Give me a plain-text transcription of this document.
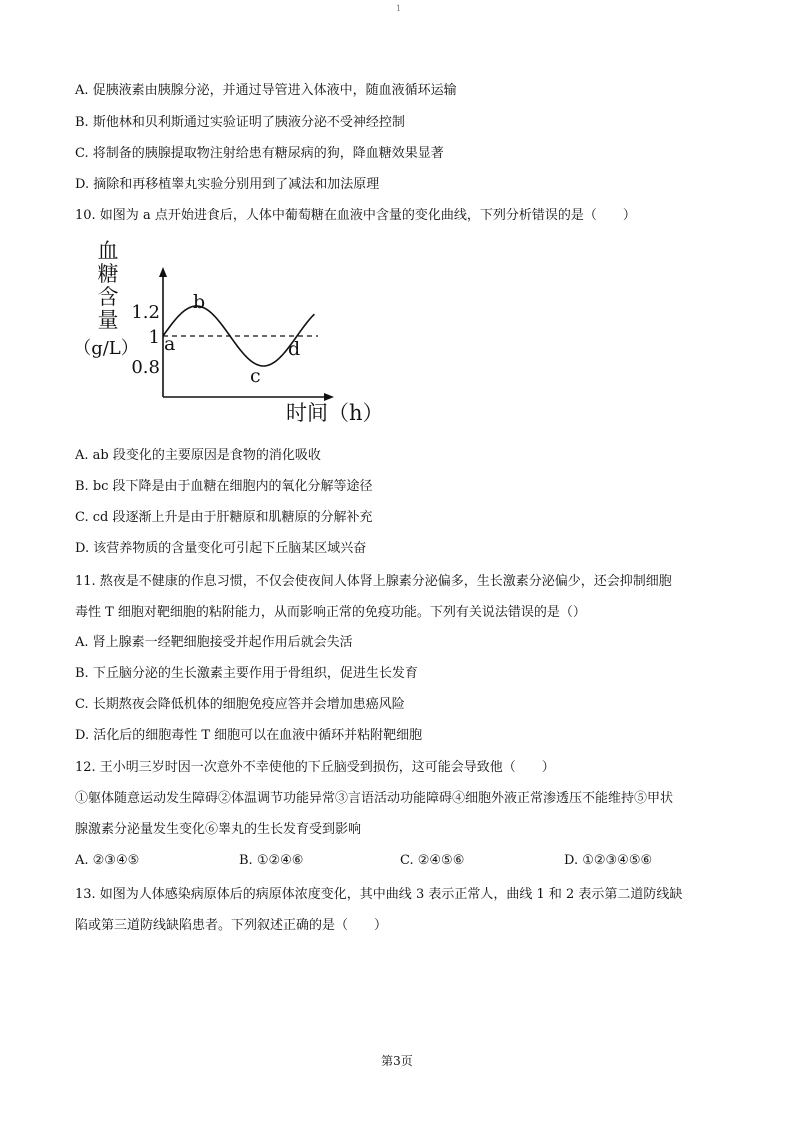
1
A. 促胰液素由胰腺分泌，并通过导管进入体液中，随血液循环运输
B. 斯他林和贝利斯通过实验证明了胰液分泌不受神经控制
C. 将制备的胰腺提取物注射给患有糖尿病的狗，降血糖效果显著
D. 摘除和再移植睾丸实验分别用到了减法和加法原理
10. 如图为 a 点开始进食后，人体中葡萄糖在血液中含量的变化曲线，下列分析错误的是（　　）
血
糖
含
量
（g/L）
1.2
1
0.8
a
b
c
d
时间（h）
A. ab 段变化的主要原因是食物的消化吸收
B. bc 段下降是由于血糖在细胞内的氧化分解等途径
C. cd 段逐渐上升是由于肝糖原和肌糖原的分解补充
D. 该营养物质的含量变化可引起下丘脑某区域兴奋
11. 熬夜是不健康的作息习惯，不仅会使夜间人体肾上腺素分泌偏多，生长激素分泌偏少，还会抑制细胞
毒性 T 细胞对靶细胞的粘附能力，从而影响正常的免疫功能。下列有关说法错误的是（）
A. 肾上腺素一经靶细胞接受并起作用后就会失活
B. 下丘脑分泌的生长激素主要作用于骨组织，促进生长发育
C. 长期熬夜会降低机体的细胞免疫应答并会增加患癌风险
D. 活化后的细胞毒性 T 细胞可以在血液中循环并粘附靶细胞
12. 王小明三岁时因一次意外不幸使他的下丘脑受到损伤，这可能会导致他（　　）
①躯体随意运动发生障碍②体温调节功能异常③言语活动功能障碍④细胞外液正常渗透压不能维持⑤甲状
腺激素分泌量发生变化⑥睾丸的生长发育受到影响
A. ②③④⑤	B. ①②④⑥	C. ②④⑤⑥	D. ①②③④⑤⑥
13. 如图为人体感染病原体后的病原体浓度变化，其中曲线 3 表示正常人，曲线 1 和 2 表示第二道防线缺
陷或第三道防线缺陷患者。下列叙述正确的是（　　）
第3页
